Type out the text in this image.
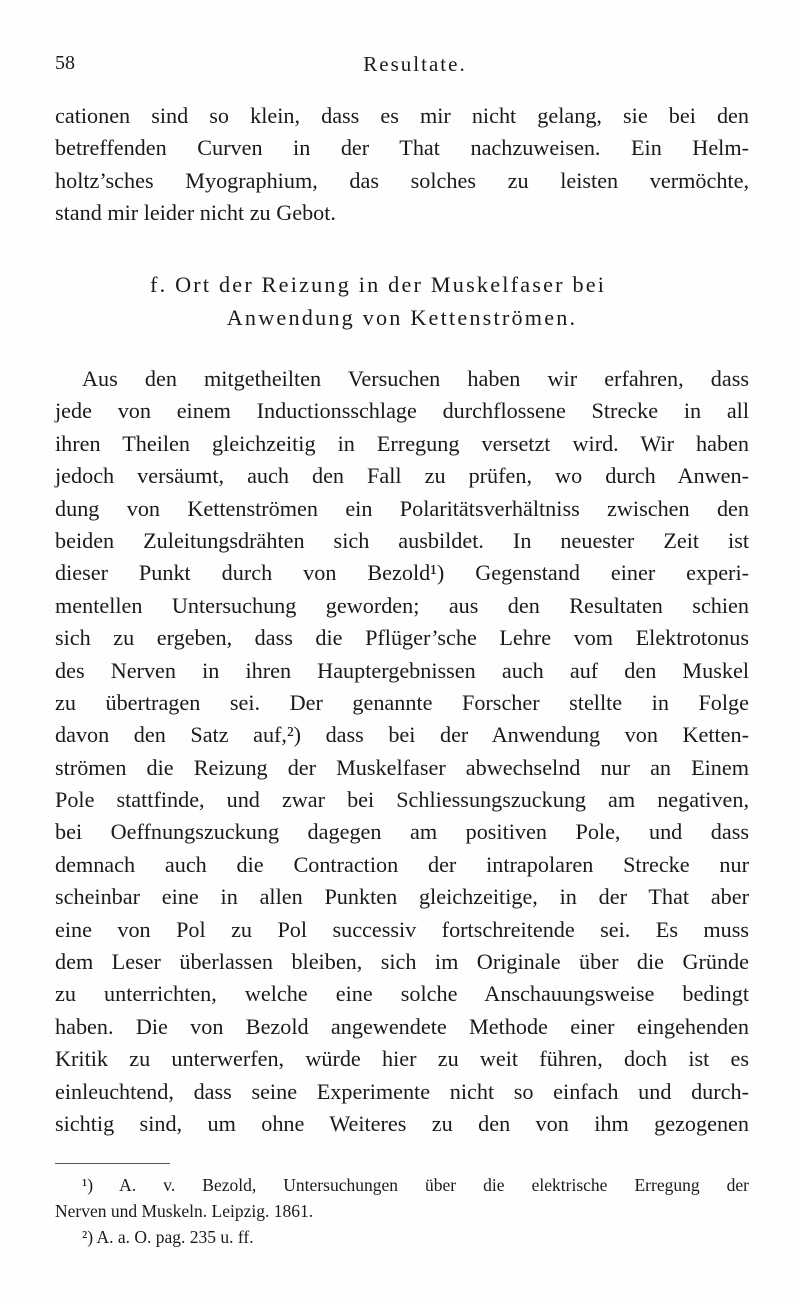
58	Resultate.
cationen sind so klein, dass es mir nicht gelang, sie bei den
betreffenden Curven in der That nachzuweisen. Ein Helm-
holtz’sches Myographium, das solches zu leisten vermöchte,
stand mir leider nicht zu Gebot.
f. Ort der Reizung in der Muskelfaser bei
Anwendung von Kettenströmen.
Aus den mitgetheilten Versuchen haben wir erfahren, dass
jede von einem Inductionsschlage durchflossene Strecke in all
ihren Theilen gleichzeitig in Erregung versetzt wird. Wir haben
jedoch versäumt, auch den Fall zu prüfen, wo durch Anwen-
dung von Kettenströmen ein Polaritätsverhältniss zwischen den
beiden Zuleitungsdrähten sich ausbildet. In neuester Zeit ist
dieser Punkt durch von Bezold¹) Gegenstand einer experi-
mentellen Untersuchung geworden; aus den Resultaten schien
sich zu ergeben, dass die Pflüger’sche Lehre vom Elektrotonus
des Nerven in ihren Hauptergebnissen auch auf den Muskel
zu übertragen sei. Der genannte Forscher stellte in Folge
davon den Satz auf,²) dass bei der Anwendung von Ketten-
strömen die Reizung der Muskelfaser abwechselnd nur an Einem
Pole stattfinde, und zwar bei Schliessungszuckung am negativen,
bei Oeffnungszuckung dagegen am positiven Pole, und dass
demnach auch die Contraction der intrapolaren Strecke nur
scheinbar eine in allen Punkten gleichzeitige, in der That aber
eine von Pol zu Pol successiv fortschreitende sei. Es muss
dem Leser überlassen bleiben, sich im Originale über die Gründe
zu unterrichten, welche eine solche Anschauungsweise bedingt
haben. Die von Bezold angewendete Methode einer eingehenden
Kritik zu unterwerfen, würde hier zu weit führen, doch ist es
einleuchtend, dass seine Experimente nicht so einfach und durch-
sichtig sind, um ohne Weiteres zu den von ihm gezogenen
¹) A. v. Bezold, Untersuchungen über die elektrische Erregung der
Nerven und Muskeln. Leipzig. 1861.
²) A. a. O. pag. 235 u. ff.
